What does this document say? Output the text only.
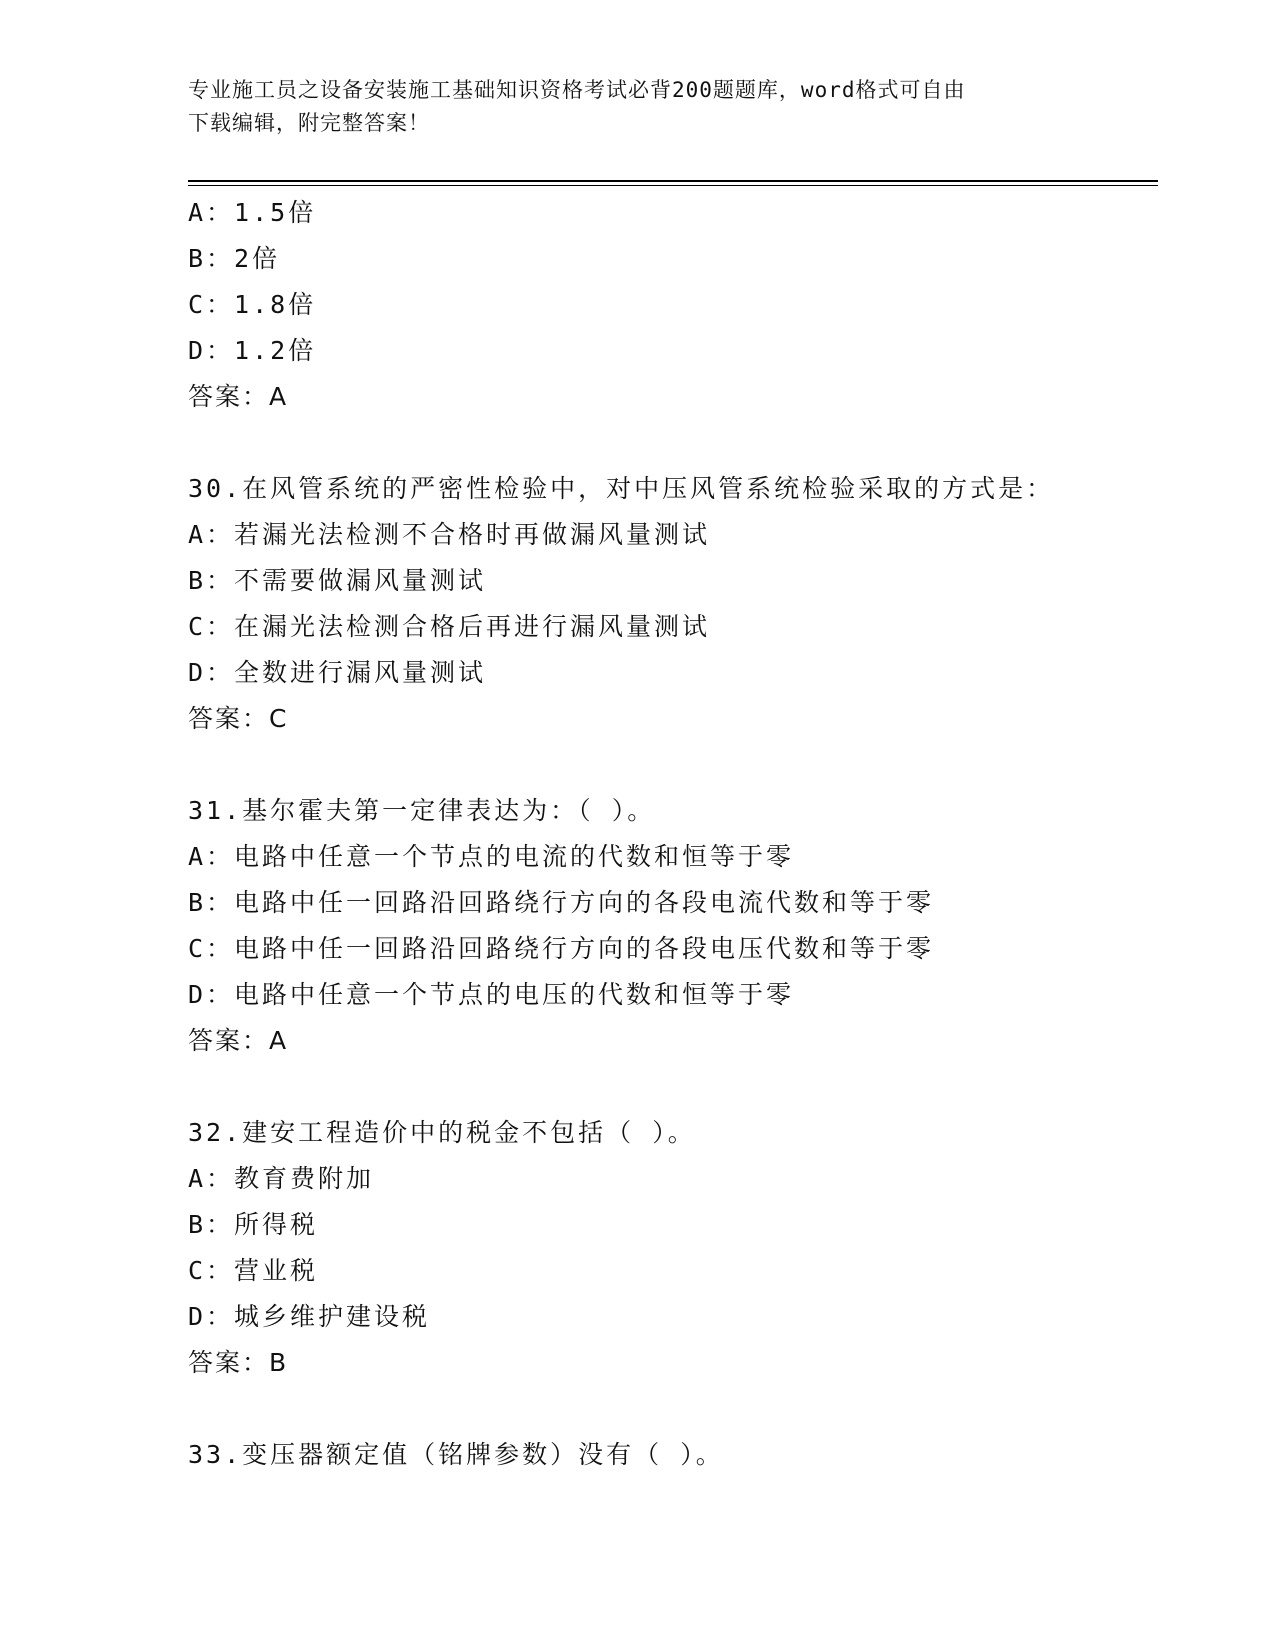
专业施工员之设备安装施工基础知识资格考试必背200题题库，word格式可自由
下载编辑，附完整答案！
A：1.5倍
B：2倍
C：1.8倍
D：1.2倍
答案：A
30.在风管系统的严密性检验中，对中压风管系统检验采取的方式是：
A：若漏光法检测不合格时再做漏风量测试
B：不需要做漏风量测试
C：在漏光法检测合格后再进行漏风量测试
D：全数进行漏风量测试
答案：C
31.基尔霍夫第一定律表达为：（ ）。
A：电路中任意一个节点的电流的代数和恒等于零
B：电路中任一回路沿回路绕行方向的各段电流代数和等于零
C：电路中任一回路沿回路绕行方向的各段电压代数和等于零
D：电路中任意一个节点的电压的代数和恒等于零
答案：A
32.建安工程造价中的税金不包括（ ）。
A：教育费附加
B：所得税
C：营业税
D：城乡维护建设税
答案：B
33.变压器额定值（铭牌参数）没有（ ）。
